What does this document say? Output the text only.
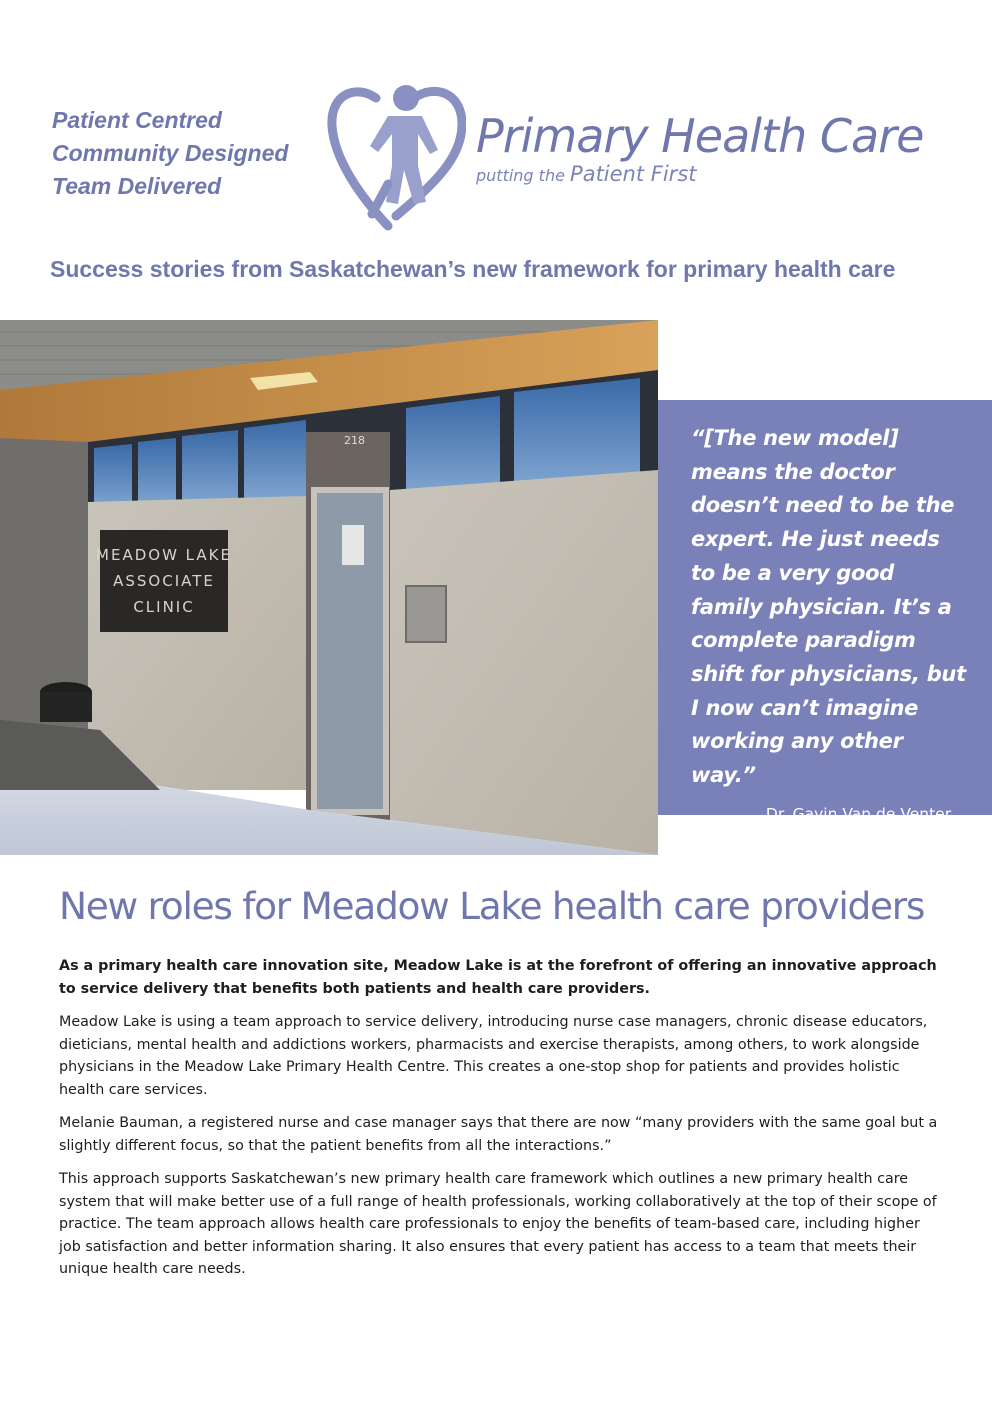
Patient Centred
Community Designed
Team Delivered
Primary Health Care
putting the Patient First
Success stories from Saskatchewan’s new framework for primary health care
218
MEADOW LAKE
ASSOCIATE
CLINIC

“[The new model] means the doctor doesn’t need to be the expert. He just needs to be a very good family physician. It’s a complete paradigm shift for physicians, but I now can’t imagine working any other way.”

Dr. Gavin Van de Venter,
Family Physician
New roles for Meadow Lake health care providers

As a primary health care innovation site, Meadow Lake is at the forefront of offering an innovative approach to service delivery that benefits both patients and health care providers.

Meadow Lake is using a team approach to service delivery, introducing nurse case managers, chronic disease educators, dieticians, mental health and addictions workers, pharmacists and exercise therapists, among others, to work alongside physicians in the Meadow Lake Primary Health Centre. This creates a one-stop shop for patients and provides holistic health care services.

Melanie Bauman, a registered nurse and case manager says that there are now “many providers with the same goal but a slightly different focus, so that the patient benefits from all the interactions.”

This approach supports Saskatchewan’s new primary health care framework which outlines a new primary health care system that will make better use of a full range of health professionals, working collaboratively at the top of their scope of practice. The team approach allows health care professionals to enjoy the benefits of team-based care, including higher job satisfaction and better information sharing. It also ensures that every patient has access to a team that meets their unique health care needs.
